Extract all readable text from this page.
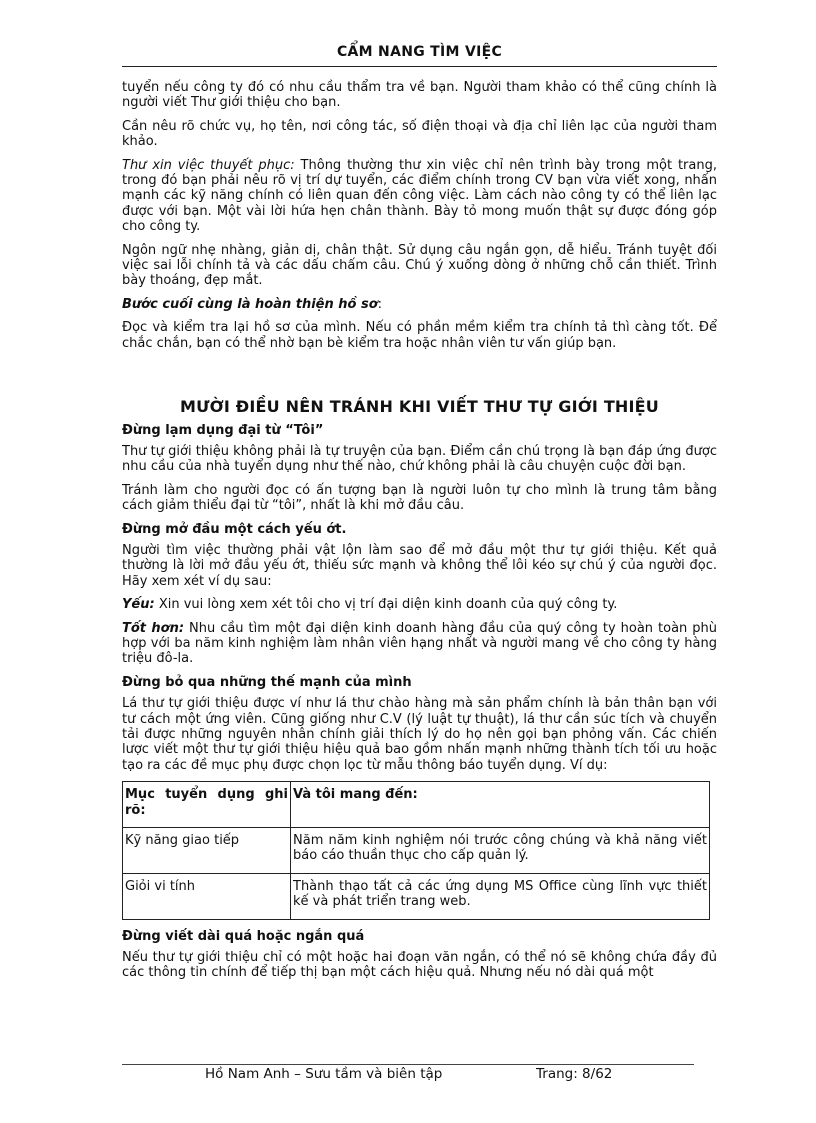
CẨM NANG TÌM VIỆC

tuyển nếu công ty đó có nhu cầu thẩm tra về bạn. Người tham khảo có thể cũng chính là người viết Thư giới thiệu cho bạn.

Cần nêu rõ chức vụ, họ tên, nơi công tác, số điện thoại và địa chỉ liên lạc của người tham khảo.

Thư xin việc thuyết phục: Thông thường thư xin việc chỉ nên trình bày trong một trang, trong đó bạn phải nêu rõ vị trí dự tuyển, các điểm chính trong CV bạn vừa viết xong, nhấn mạnh các kỹ năng chính có liên quan đến công việc. Làm cách nào công ty có thể liên lạc được với bạn. Một vài lời hứa hẹn chân thành. Bày tỏ mong muốn thật sự được đóng góp cho công ty.

Ngôn ngữ nhẹ nhàng, giản dị, chân thật. Sử dụng câu ngắn gọn, dễ hiểu. Tránh tuyệt đối việc sai lỗi chính tả và các dấu chấm câu. Chú ý xuống dòng ở những chỗ cần thiết. Trình bày thoáng, đẹp mắt.

Bước cuối cùng là hoàn thiện hồ sơ:

Đọc và kiểm tra lại hồ sơ của mình. Nếu có phần mềm kiểm tra chính tả thì càng tốt. Để chắc chắn, bạn có thể nhờ bạn bè kiểm tra hoặc nhân viên tư vấn giúp bạn.

MƯỜI ĐIỀU NÊN TRÁNH KHI VIẾT THƯ TỰ GIỚI THIỆU
Đừng lạm dụng đại từ “Tôi”

Thư tự giới thiệu không phải là tự truyện của bạn. Điểm cần chú trọng là bạn đáp ứng được nhu cầu của nhà tuyển dụng như thế nào, chứ không phải là câu chuyện cuộc đời bạn.

Tránh làm cho người đọc có ấn tượng bạn là người luôn tự cho mình là trung tâm bằng cách giảm thiểu đại từ “tôi”, nhất là khi mở đầu câu.

Đừng mở đầu một cách yếu ớt.

Người tìm việc thường phải vật lộn làm sao để mở đầu một thư tự giới thiệu. Kết quả thường là lời mở đầu yếu ớt, thiếu sức mạnh và không thể lôi kéo sự chú ý của người đọc. Hãy xem xét ví dụ sau:

Yếu: Xin vui lòng xem xét tôi cho vị trí đại diện kinh doanh của quý công ty.

Tốt hơn: Nhu cầu tìm một đại diện kinh doanh hàng đầu của quý công ty hoàn toàn phù hợp với ba năm kinh nghiệm làm nhân viên hạng nhất và người mang về cho công ty hàng triệu đô-la.

Đừng bỏ qua những thế mạnh của mình

Lá thư tự giới thiệu được ví như lá thư chào hàng mà sản phẩm chính là bản thân bạn với tư cách một ứng viên. Cũng giống như C.V (lý luật tự thuật), lá thư cần súc tích và chuyển tải được những nguyên nhân chính giải thích lý do họ nên gọi bạn phỏng vấn. Các chiến lược viết một thư tự giới thiệu hiệu quả bao gồm nhấn mạnh những thành tích tối ưu hoặc tạo ra các đề mục phụ được chọn lọc từ mẫu thông báo tuyển dụng. Ví dụ:

Mục tuyển dụng ghi rõ:	Và tôi mang đến:
Kỹ năng giao tiếp	Năm năm kinh nghiệm nói trước công chúng và khả năng viết báo cáo thuần thục cho cấp quản lý.
Giỏi vi tính	Thành thạo tất cả các ứng dụng MS Office cùng lĩnh vực thiết kế và phát triển trang web.
Đừng viết dài quá hoặc ngắn quá

Nếu thư tự giới thiệu chỉ có một hoặc hai đoạn văn ngắn, có thể nó sẽ không chứa đầy đủ các thông tin chính để tiếp thị bạn một cách hiệu quả. Nhưng nếu nó dài quá một

Hồ Nam Anh – Sưu tầm và biên tập	Trang: 8/62
